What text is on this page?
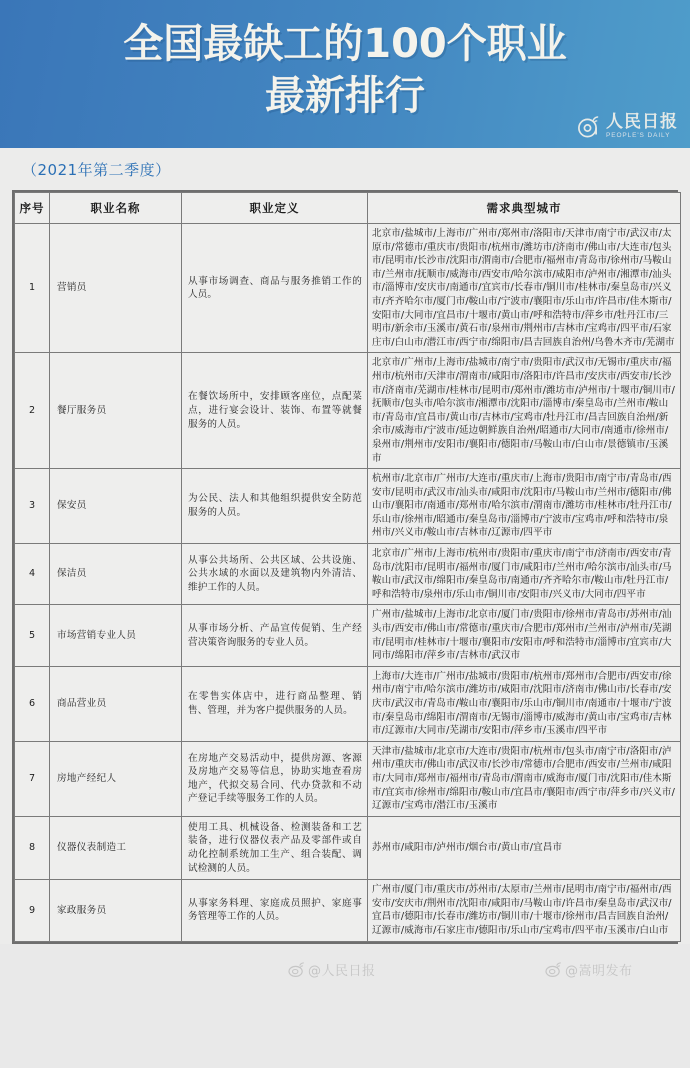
全国最缺工的100个职业
最新排行
人民日报
PEOPLE'S DAILY
（2021年第二季度）
序号	职业名称	职业定义	需求典型城市
1	营销员	从事市场调查、商品与服务推销工作的人员。	北京市/盐城市/上海市/广州市/郑州市/洛阳市/天津市/南宁市/武汉市/太原市/常德市/重庆市/贵阳市/杭州市/潍坊市/济南市/佛山市/大连市/包头市/昆明市/长沙市/沈阳市/渭南市/合肥市/福州市/青岛市/徐州市/马鞍山市/兰州市/抚顺市/威海市/西安市/哈尔滨市/咸阳市/泸州市/湘潭市/汕头市/淄博市/安庆市/南通市/宜宾市/长春市/铜川市/桂林市/秦皇岛市/兴义市/齐齐哈尔市/厦门市/鞍山市/宁波市/襄阳市/乐山市/许昌市/佳木斯市/安阳市/大同市/宜昌市/十堰市/黄山市/呼和浩特市/萍乡市/牡丹江市/三明市/新余市/玉溪市/黄石市/泉州市/荆州市/吉林市/宝鸡市/四平市/石家庄市/白山市/潜江市/西宁市/绵阳市/昌吉回族自治州/乌鲁木齐市/芜湖市
2	餐厅服务员	在餐饮场所中，安排顾客座位，点配菜点，进行宴会设计、装饰、布置等就餐服务的人员。	北京市/广州市/上海市/盐城市/南宁市/贵阳市/武汉市/无锡市/重庆市/福州市/杭州市/天津市/渭南市/咸阳市/洛阳市/许昌市/安庆市/西安市/长沙市/济南市/芜湖市/桂林市/昆明市/郑州市/潍坊市/泸州市/十堰市/铜川市/抚顺市/包头市/哈尔滨市/湘潭市/沈阳市/淄博市/秦皇岛市/兰州市/鞍山市/青岛市/宜昌市/黄山市/吉林市/宝鸡市/牡丹江市/昌吉回族自治州/新余市/威海市/宁波市/延边朝鲜族自治州/昭通市/大同市/南通市/徐州市/泉州市/荆州市/安阳市/襄阳市/德阳市/马鞍山市/白山市/景德镇市/玉溪市
3	保安员	为公民、法人和其他组织提供安全防范服务的人员。	杭州市/北京市/广州市/大连市/重庆市/上海市/贵阳市/南宁市/青岛市/西安市/昆明市/武汉市/汕头市/咸阳市/沈阳市/马鞍山市/兰州市/德阳市/佛山市/襄阳市/南通市/郑州市/哈尔滨市/渭南市/潍坊市/桂林市/牡丹江市/乐山市/徐州市/昭通市/秦皇岛市/淄博市/宁波市/宝鸡市/呼和浩特市/泉州市/兴义市/鞍山市/吉林市/辽源市/四平市
4	保洁员	从事公共场所、公共区域、公共设施、公共水域的水面以及建筑物内外清洁、维护工作的人员。	北京市/广州市/上海市/杭州市/贵阳市/重庆市/南宁市/济南市/西安市/青岛市/沈阳市/昆明市/福州市/厦门市/咸阳市/兰州市/哈尔滨市/汕头市/马鞍山市/武汉市/绵阳市/秦皇岛市/南通市/齐齐哈尔市/鞍山市/牡丹江市/呼和浩特市/泉州市/乐山市/铜川市/安阳市/兴义市/大同市/四平市
5	市场营销专业人员	从事市场分析、产品宣传促销、生产经营决策咨询服务的专业人员。	广州市/盐城市/上海市/北京市/厦门市/贵阳市/徐州市/青岛市/苏州市/汕头市/西安市/佛山市/常德市/重庆市/合肥市/郑州市/兰州市/泸州市/芜湖市/昆明市/桂林市/十堰市/襄阳市/安阳市/呼和浩特市/淄博市/宜宾市/大同市/绵阳市/萍乡市/吉林市/武汉市
6	商品营业员	在零售实体店中，进行商品整理、销售、管理，并为客户提供服务的人员。	上海市/大连市/广州市/盐城市/贵阳市/杭州市/郑州市/合肥市/西安市/徐州市/南宁市/哈尔滨市/潍坊市/咸阳市/沈阳市/济南市/佛山市/长春市/安庆市/武汉市/青岛市/鞍山市/襄阳市/乐山市/铜川市/南通市/十堰市/宁波市/秦皇岛市/绵阳市/渭南市/无锡市/淄博市/威海市/黄山市/宝鸡市/吉林市/辽源市/大同市/芜湖市/安阳市/萍乡市/玉溪市/四平市
7	房地产经纪人	在房地产交易活动中，提供房源、客源及房地产交易等信息，协助实地查看房地产，代拟交易合同、代办贷款和不动产登记手续等服务工作的人员。	天津市/盐城市/北京市/大连市/贵阳市/杭州市/包头市/南宁市/洛阳市/泸州市/重庆市/佛山市/武汉市/长沙市/常德市/合肥市/西安市/兰州市/咸阳市/大同市/郑州市/福州市/青岛市/渭南市/威海市/厦门市/沈阳市/佳木斯市/宜宾市/徐州市/绵阳市/鞍山市/宜昌市/襄阳市/西宁市/萍乡市/兴义市/辽源市/宝鸡市/潜江市/玉溪市
8	仪器仪表制造工	使用工具、机械设备、检测装备和工艺装备，进行仪器仪表产品及零部件或自动化控制系统加工生产、组合装配、调试检测的人员。	苏州市/咸阳市/泸州市/烟台市/黄山市/宜昌市
9	家政服务员	从事家务料理、家庭成员照护、家庭事务管理等工作的人员。	广州市/厦门市/重庆市/苏州市/太原市/兰州市/昆明市/南宁市/福州市/西安市/安庆市/荆州市/沈阳市/咸阳市/马鞍山市/许昌市/秦皇岛市/武汉市/宜昌市/德阳市/长春市/潍坊市/铜川市/十堰市/徐州市/昌吉回族自治州/辽源市/威海市/石家庄市/德阳市/乐山市/宝鸡市/四平市/玉溪市/白山市
@人民日报	@嵩明发布
